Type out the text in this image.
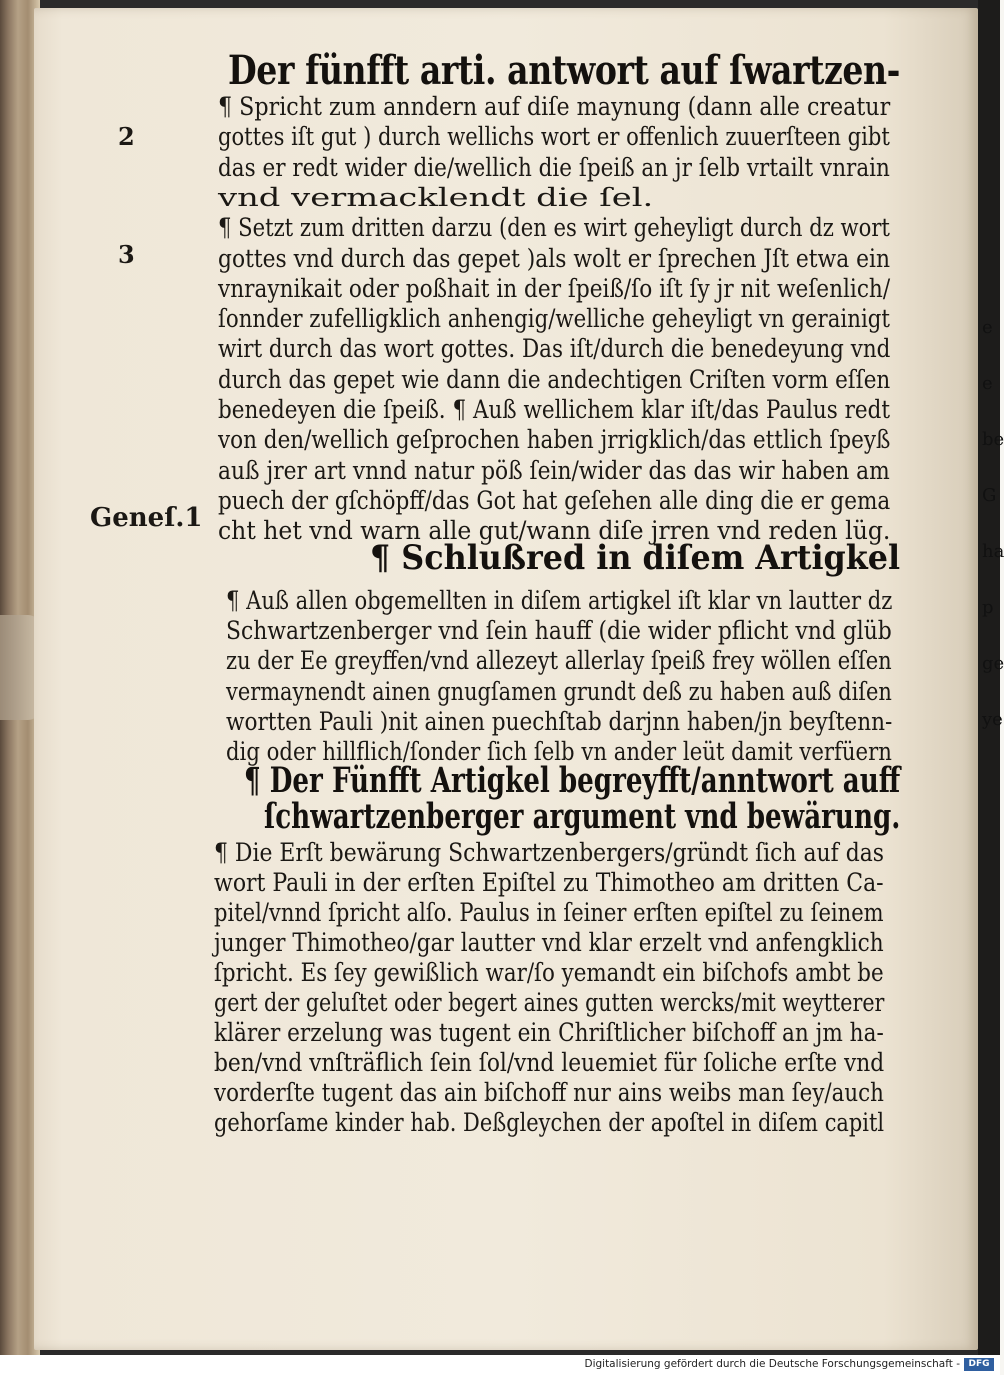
e
e
be
G
ha
p
ge
ye
Der fünfft arti. antwort auf ſwartzen-
2
3
Geneſ.1
¶ Spricht zum anndern auf diſe maynung (dann alle creatur
gottes iſt gut ) durch wellichs wort er offenlich zuuerſteen gibt
das er redt wider die/wellich die ſpeiß an jr ſelb vrtailt vnrain
vnd vermacklendt die ſel.
¶ Setzt zum dritten darzu (den es wirt geheyligt durch dz wort
gottes vnd durch das gepet )als wolt er ſprechen Jſt etwa ein
vnraynikait oder poßhait in der ſpeiß/ſo iſt ſy jr nit weſenlich/
ſonnder zufelligklich anhengig/welliche geheyligt vn gerainigt
wirt durch das wort gottes. Das iſt/durch die benedeyung vnd
durch das gepet wie dann die andechtigen Criſten vorm eſſen
benedeyen die ſpeiß. ¶ Auß wellichem klar iſt/das Paulus redt
von den/wellich geſprochen haben jrrigklich/das ettlich ſpeyß
auß jrer art vnnd natur pöß ſein/wider das das wir haben am
puech der gſchöpff/das Got hat geſehen alle ding die er gema
cht het vnd warn alle gut/wann diſe jrren vnd reden lüg.
¶ Schlußred in diſem Artigkel
¶ Auß allen obgemellten in diſem artigkel iſt klar vn lautter dz
Schwartzenberger vnd ſein hauff (die wider pflicht vnd glüb
zu der Ee greyffen/vnd allezeyt allerlay ſpeiß frey wöllen eſſen
vermaynendt ainen gnugſamen grundt deß zu haben auß diſen
wortten Pauli )nit ainen puechſtab darjnn haben/jn beyſtenn-
dig oder hillflich/ſonder ſich ſelb vn ander leüt damit verfüern
¶ Der Fünfft Artigkel begreyfft/anntwort auff
ſchwartzenberger argument vnd bewärung.
¶ Die Erſt bewärung Schwartzenbergers/gründt ſich auf das
wort Pauli in der erſten Epiſtel zu Thimotheo am dritten Ca-
pitel/vnnd ſpricht alſo. Paulus in ſeiner erſten epiſtel zu ſeinem
junger Thimotheo/gar lautter vnd klar erzelt vnd anfengklich
ſpricht. Es ſey gewißlich war/ſo yemandt ein biſchofs ambt be
gert der geluſtet oder begert aines gutten wercks/mit weytterer
klärer erzelung was tugent ein Chriſtlicher biſchoff an jm ha-
ben/vnd vnſträflich ſein ſol/vnd leuemiet für ſoliche erſte vnd
vorderſte tugent das ain biſchoff nur ains weibs man ſey/auch
gehorſame kinder hab. Deßgleychen der apoſtel in diſem capitl
Digitalisierung gefördert durch die Deutsche Forschungsgemeinschaft - DFG
